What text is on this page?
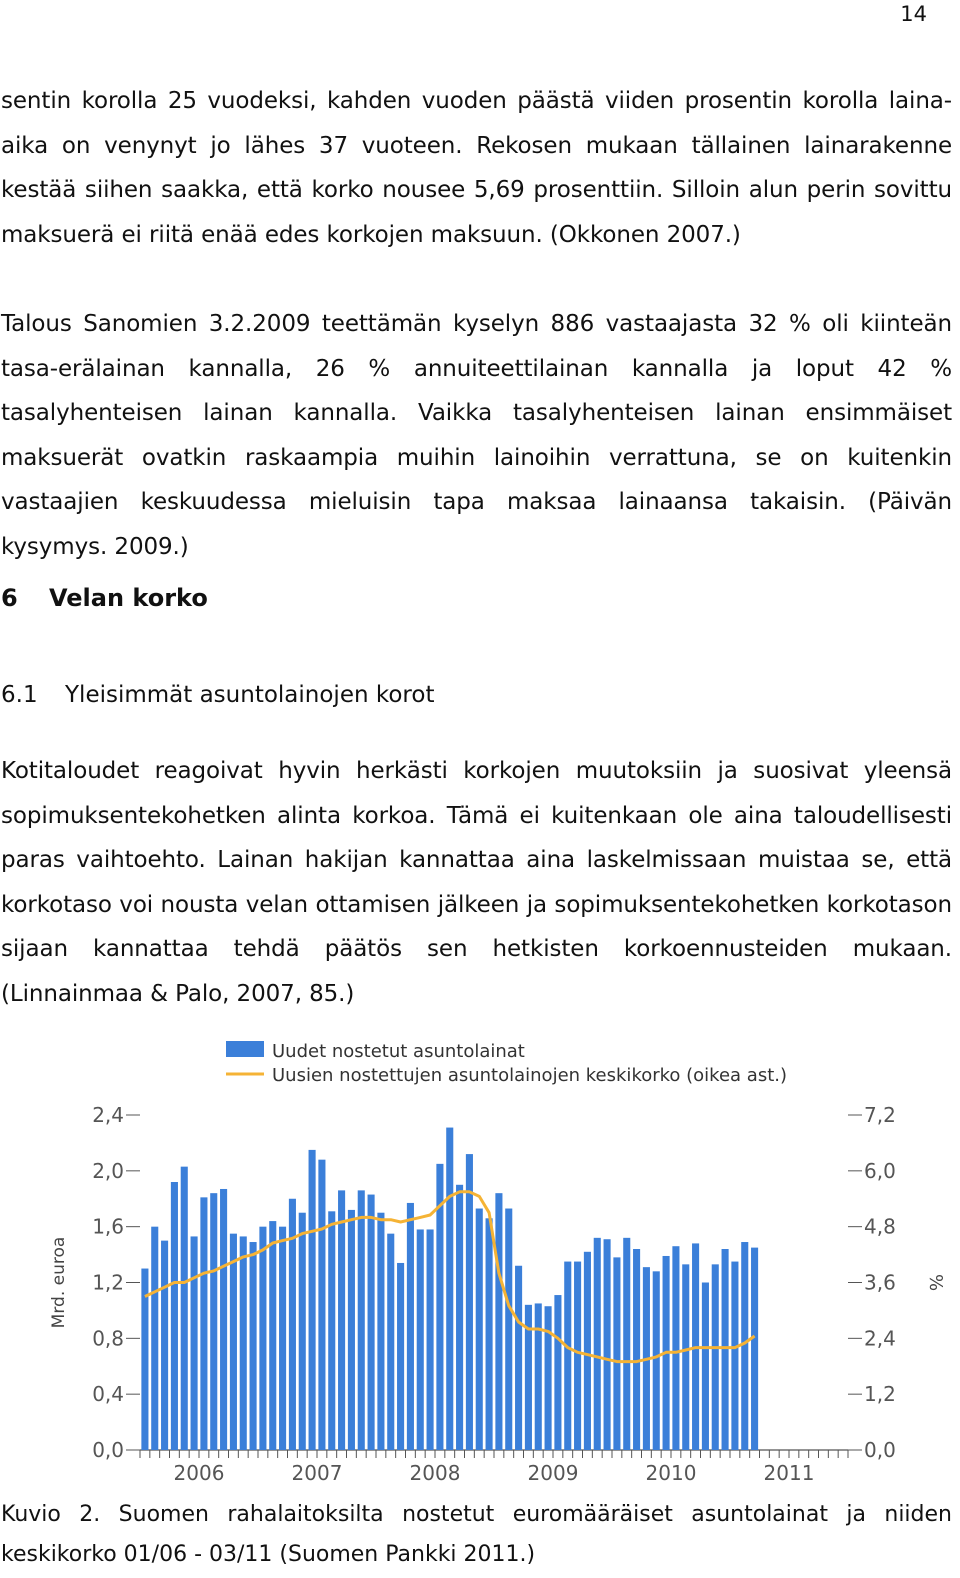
14

sentin korolla 25 vuodeksi, kahden vuoden päästä viiden prosentin korolla laina-aika on venynyt jo lähes 37 vuoteen. Rekosen mukaan tällainen lainarakenne kestää siihen saakka, että korko nousee 5,69 prosenttiin. Silloin alun perin sovittu maksuerä ei riitä enää edes korkojen maksuun. (Okkonen 2007.)

Talous Sanomien 3.2.2009 teettämän kyselyn 886 vastaajasta 32 % oli kiinteän tasa-erälainan kannalla, 26 % annuiteettilainan kannalla ja loput 42 % tasalyhenteisen lainan kannalla. Vaikka tasalyhenteisen lainan ensimmäiset maksuerät ovatkin raskaampia muihin lainoihin verrattuna, se on kuitenkin vastaajien keskuudessa mieluisin tapa maksaa lainaansa takaisin. (Päivän kysymys. 2009.)

6 Velan korko
6.1 Yleisimmät asuntolainojen korot

Kotitaloudet reagoivat hyvin herkästi korkojen muutoksiin ja suosivat yleensä sopimuksentekohetken alinta korkoa. Tämä ei kuitenkaan ole aina taloudellisesti paras vaihtoehto. Lainan hakijan kannattaa aina laskelmissaan muistaa se, että korkotaso voi nousta velan ottamisen jälkeen ja sopimuksentekohetken korkotason sijaan kannattaa tehdä päätös sen hetkisten korkoennusteiden mukaan. (Linnainmaa & Palo, 2007, 85.)

Uudet nostetut asuntolainat
Uusien nostettujen asuntolainojen keskikorko (oikea ast.)
0,0
0,4
0,8
1,2
1,6
2,0
2,4
0,0
1,2
2,4
3,6
4,8
6,0
7,2
Mrd. euroa	%
2006	2007	2008	2009	2010	2011

Kuvio 2. Suomen rahalaitoksilta nostetut euromääräiset asuntolainat ja niiden keskikorko 01/06 - 03/11 (Suomen Pankki 2011.)
